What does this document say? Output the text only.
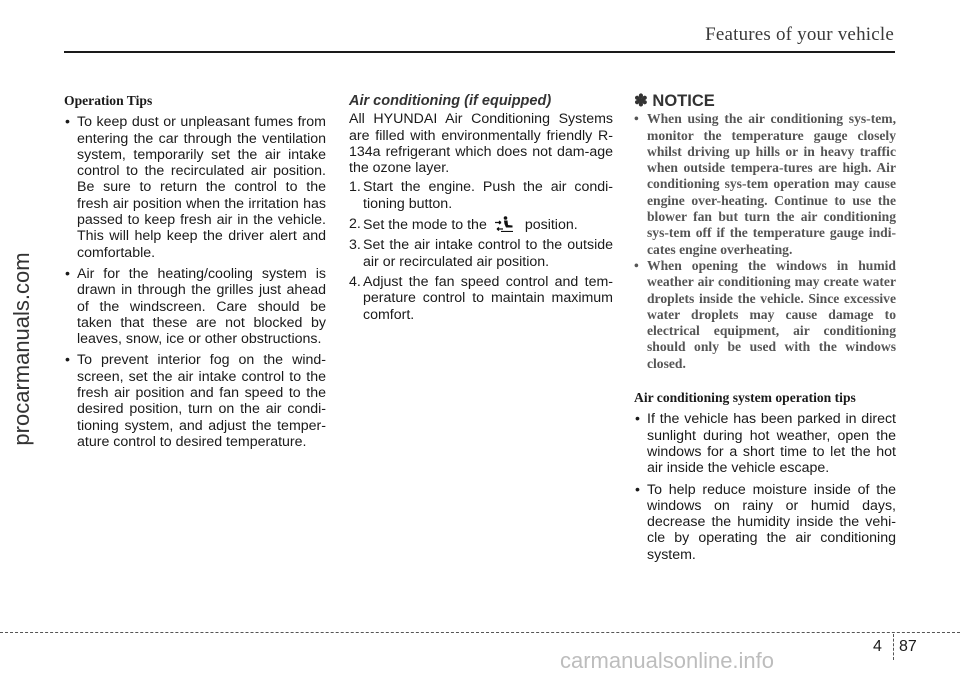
Features of your vehicle
procarmanuals.com
Operation Tips
• To keep dust or unpleasant fumes from entering the car through the ventilation system, temporarily set the air intake control to the recirculated air position. Be sure to return the control to the fresh air position when the irritation has passed to keep fresh air in the vehicle. This will help keep the driver alert and comfortable.
• Air for the heating/cooling system is drawn in through the grilles just ahead of the windscreen. Care should be taken that these are not blocked by leaves, snow, ice or other obstructions.
• To prevent interior fog on the wind-screen, set the air intake control to the fresh air position and fan speed to the desired position, turn on the air condi-tioning system, and adjust the temper-ature control to desired temperature.
Air conditioning (if equipped)
All HYUNDAI Air Conditioning Systems are filled with environmentally friendly R-134a refrigerant which does not dam-age the ozone layer.
1. Start the engine. Push the air condi-tioning button.
2. Set the mode to the	position.
3. Set the air intake control to the outside air or recirculated air position.
4. Adjust the fan speed control and tem-perature control to maintain maximum comfort.
✽ NOTICE
• When using the air conditioning sys-tem, monitor the temperature gauge closely whilst driving up hills or in heavy traffic when outside tempera-tures are high. Air conditioning sys-tem operation may cause engine over-heating. Continue to use the blower fan but turn the air conditioning sys-tem off if the temperature gauge indi-cates engine overheating.
• When opening the windows in humid weather air conditioning may create water droplets inside the vehicle. Since excessive water droplets may cause damage to electrical equipment, air conditioning should only be used with the windows closed.
Air conditioning system operation tips
• If the vehicle has been parked in direct sunlight during hot weather, open the windows for a short time to let the hot air inside the vehicle escape.
• To help reduce moisture inside of the windows on rainy or humid days, decrease the humidity inside the vehi-cle by operating the air conditioning system.
4 87
carmanualsonline.info
